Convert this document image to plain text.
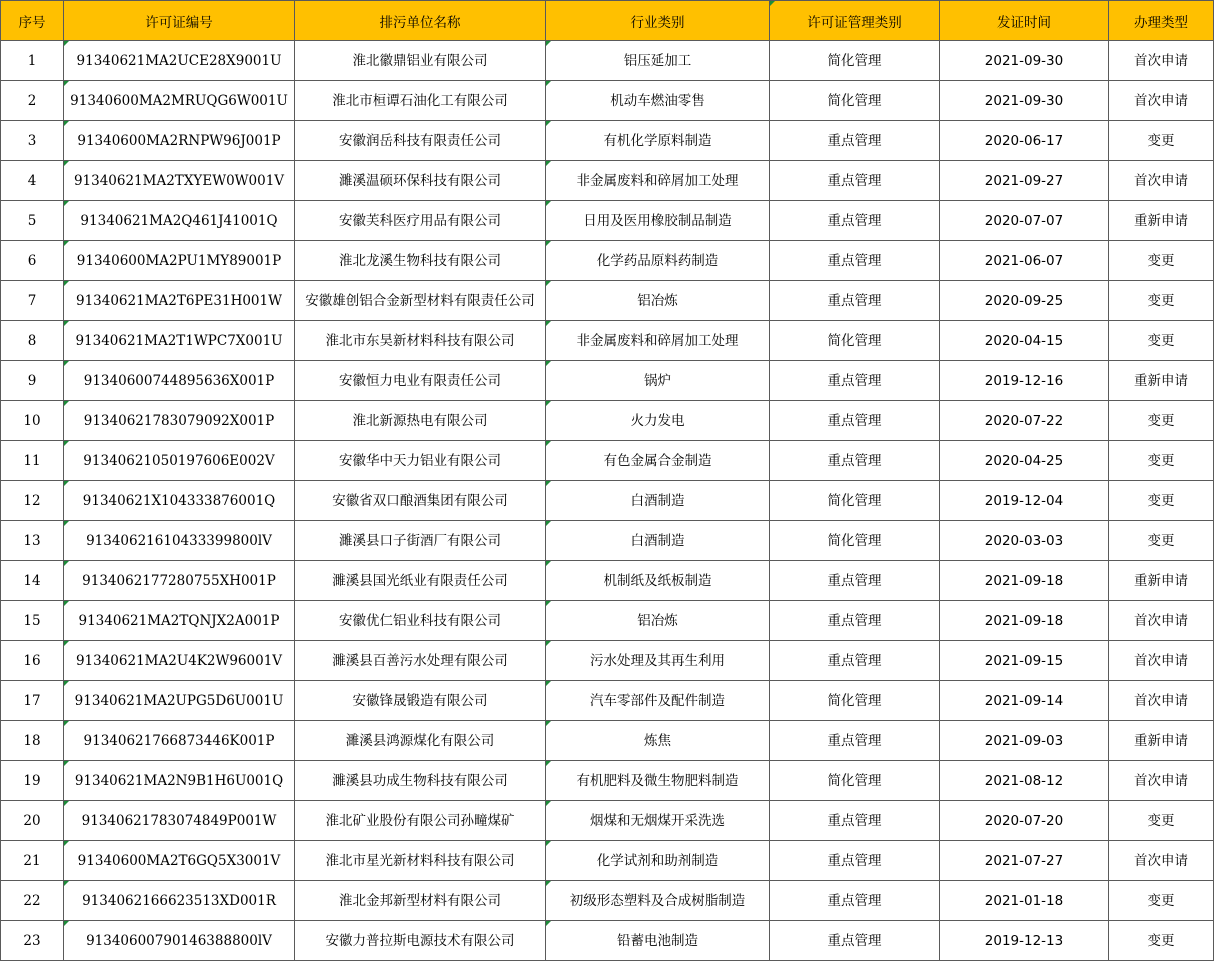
序号	许可证编号	排污单位名称	行业类别	许可证管理类别	发证时间	办理类型
1	91340621MA2UCE28X9001U	淮北徽鼎铝业有限公司	铝压延加工	简化管理	2021-09-30	首次申请
2	91340600MA2MRUQG6W001U	淮北市桓谭石油化工有限公司	机动车燃油零售	简化管理	2021-09-30	首次申请
3	91340600MA2RNPW96J001P	安徽润岳科技有限责任公司	有机化学原料制造	重点管理	2020-06-17	变更
4	91340621MA2TXYEW0W001V	濉溪温硕环保科技有限公司	非金属废料和碎屑加工处理	重点管理	2021-09-27	首次申请
5	91340621MA2Q461J41001Q	安徽芙科医疗用品有限公司	日用及医用橡胶制品制造	重点管理	2020-07-07	重新申请
6	91340600MA2PU1MY89001P	淮北龙溪生物科技有限公司	化学药品原料药制造	重点管理	2021-06-07	变更
7	91340621MA2T6PE31H001W	安徽雄创铝合金新型材料有限责任公司	铝冶炼	重点管理	2020-09-25	变更
8	91340621MA2T1WPC7X001U	淮北市东昊新材料科技有限公司	非金属废料和碎屑加工处理	简化管理	2020-04-15	变更
9	91340600744895636X001P	安徽恒力电业有限责任公司	锅炉	重点管理	2019-12-16	重新申请
10	91340621783079092X001P	淮北新源热电有限公司	火力发电	重点管理	2020-07-22	变更
11	91340621050197606E002V	安徽华中天力铝业有限公司	有色金属合金制造	重点管理	2020-04-25	变更
12	91340621X104333876001Q	安徽省双口酿酒集团有限公司	白酒制造	简化管理	2019-12-04	变更
13	91340621610433399800lV	濉溪县口子街酒厂有限公司	白酒制造	简化管理	2020-03-03	变更
14	9134062177280755XH001P	濉溪县国光纸业有限责任公司	机制纸及纸板制造	重点管理	2021-09-18	重新申请
15	91340621MA2TQNJX2A001P	安徽优仁铝业科技有限公司	铝冶炼	重点管理	2021-09-18	首次申请
16	91340621MA2U4K2W96001V	濉溪县百善污水处理有限公司	污水处理及其再生利用	重点管理	2021-09-15	首次申请
17	91340621MA2UPG5D6U001U	安徽锋晟锻造有限公司	汽车零部件及配件制造	简化管理	2021-09-14	首次申请
18	91340621766873446K001P	濉溪县鸿源煤化有限公司	炼焦	重点管理	2021-09-03	重新申请
19	91340621MA2N9B1H6U001Q	濉溪县功成生物科技有限公司	有机肥料及微生物肥料制造	简化管理	2021-08-12	首次申请
20	91340621783074849P001W	淮北矿业股份有限公司孙疃煤矿	烟煤和无烟煤开采洗选	重点管理	2020-07-20	变更
21	91340600MA2T6GQ5X3001V	淮北市星光新材料科技有限公司	化学试剂和助剂制造	重点管理	2021-07-27	首次申请
22	9134062166623513XD001R	淮北金邦新型材料有限公司	初级形态塑料及合成树脂制造	重点管理	2021-01-18	变更
23	91340600790146388800lV	安徽力普拉斯电源技术有限公司	铅蓄电池制造	重点管理	2019-12-13	变更
